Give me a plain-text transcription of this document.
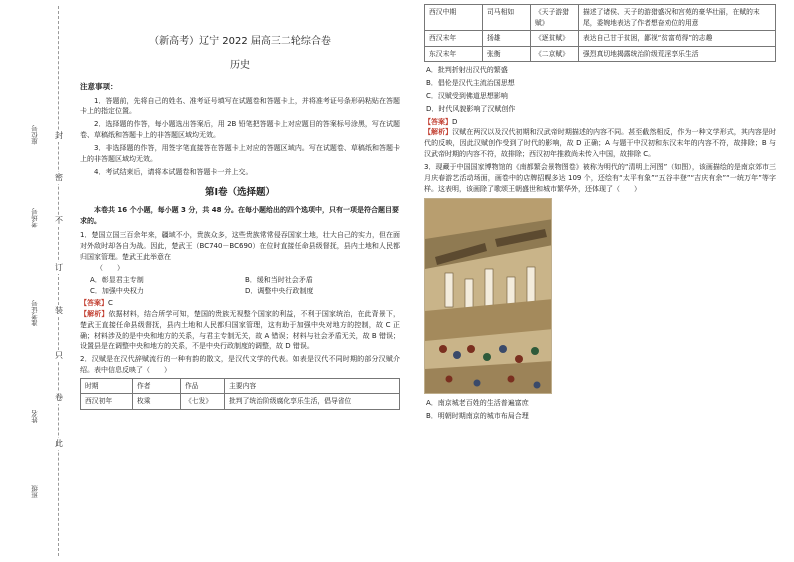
封
密
不
订
装
只
卷
此
座位号
考场号
准考证号
姓名
班级
（新高考）辽宁 2022 届高三二轮综合卷
历史
注意事项：
1．答题前，先将自己的姓名、准考证号填写在试题卷和答题卡上，并将准考证号条形码粘贴在答题卡上的指定位置。
2．选择题的作答，每小题选出答案后，用 2B 铅笔把答题卡上对应题目的答案标号涂黑，写在试题卷、草稿纸和答题卡上的非答题区域均无效。
3．非选择题的作答，用签字笔直接答在答题卡上对应的答题区域内。写在试题卷、草稿纸和答题卡上的非答题区域均无效。
4．考试结束后，请将本试题卷和答题卡一并上交。
第Ⅰ卷（选择题）
本卷共 16 个小题，每小题 3 分，共 48 分。在每小题给出的四个选项中，只有一项是符合题目要求的。
1．楚国立国三百余年来，疆域不小，贵族众多，这些贵族常常侵吞国家土地，壮大自己的实力，但在面对外敌时却各自为战。因此，楚武王（BC740－BC690）在位时直接任命县级督抚，县内土地和人民都归国家管理。楚武王此举意在
（　　）
A．彰显君主专制	B．缓和当时社会矛盾
C．加强中央权力	D．调整中央行政制度
【答案】C
【解析】依据材料，结合所学可知，楚国的贵族无视整个国家的利益，不利于国家统治，在此背景下，楚武王直接任命县级督抚，县内土地和人民都归国家管理，这有助于加强中央对地方的控制，故 C 正确；材料涉及的是中央和地方的关系，与君主专制无关，故 A 错误；材料与社会矛盾无关，故 B 错误；设置县是在调整中央和地方的关系，不是中央行政制度的调整，故 D 错误。
2．汉赋是在汉代辞赋流行的一种有韵的散文，是汉代文学的代表。如表是汉代不同时期的部分汉赋介绍。表中信息反映了（　　）
时期	作者	作品	主要内容
西汉初年	枚乘	《七发》	批判了统治阶级腐化享乐生活，倡导省位
西汉中期	司马相如	《天子游猎赋》	描述了诸侯、天子的游猎盛况和宫苑的豪华壮丽，在赋的末尾，委婉地表达了作者想奋劝位的用意
西汉末年	扬雄	《逐贫赋》	表达自己甘于贫困，鄙视“贫富苟得”的志趣
东汉末年	张衡	《二京赋》	强烈真切地揭露统治阶级荒淫享乐生活
A．批判折射出汉代的繁盛
B．倡伦是汉代主流治国思想
C．汉赋受到佛道思想影响
D．时代风貌影响了汉赋创作
【答案】D
【解析】汉赋在两汉以及汉代初期和汉武帝时期描述的内容不同。甚至截然相反，作为一种文学形式，其内容是时代的反映，因此汉赋创作受到了时代的影响，故 D 正确；A 与题干中汉初和东汉末年的内容不符，故排除；B 与汉武帝时期的内容不符，故排除；西汉初年推救尚未传入中国，故排除 C。
3．现藏于中国国家博物馆的《南都繁会景物图卷》被称为明代的“清明上河图”（如图），该画描绘的是南京郊市三月庆春游艺活动场面，画卷中的店牌招幌多达 109 个，还绘有“太平有象”“五谷丰登”“吉庆有余”“一统万年”等字样。这表明，该画除了歌颂王朝盛世和城市繁华外，还体现了（　　）
A．南京城老百姓的生活普遍富庶
B．明朝时期南京的城市布局合理
